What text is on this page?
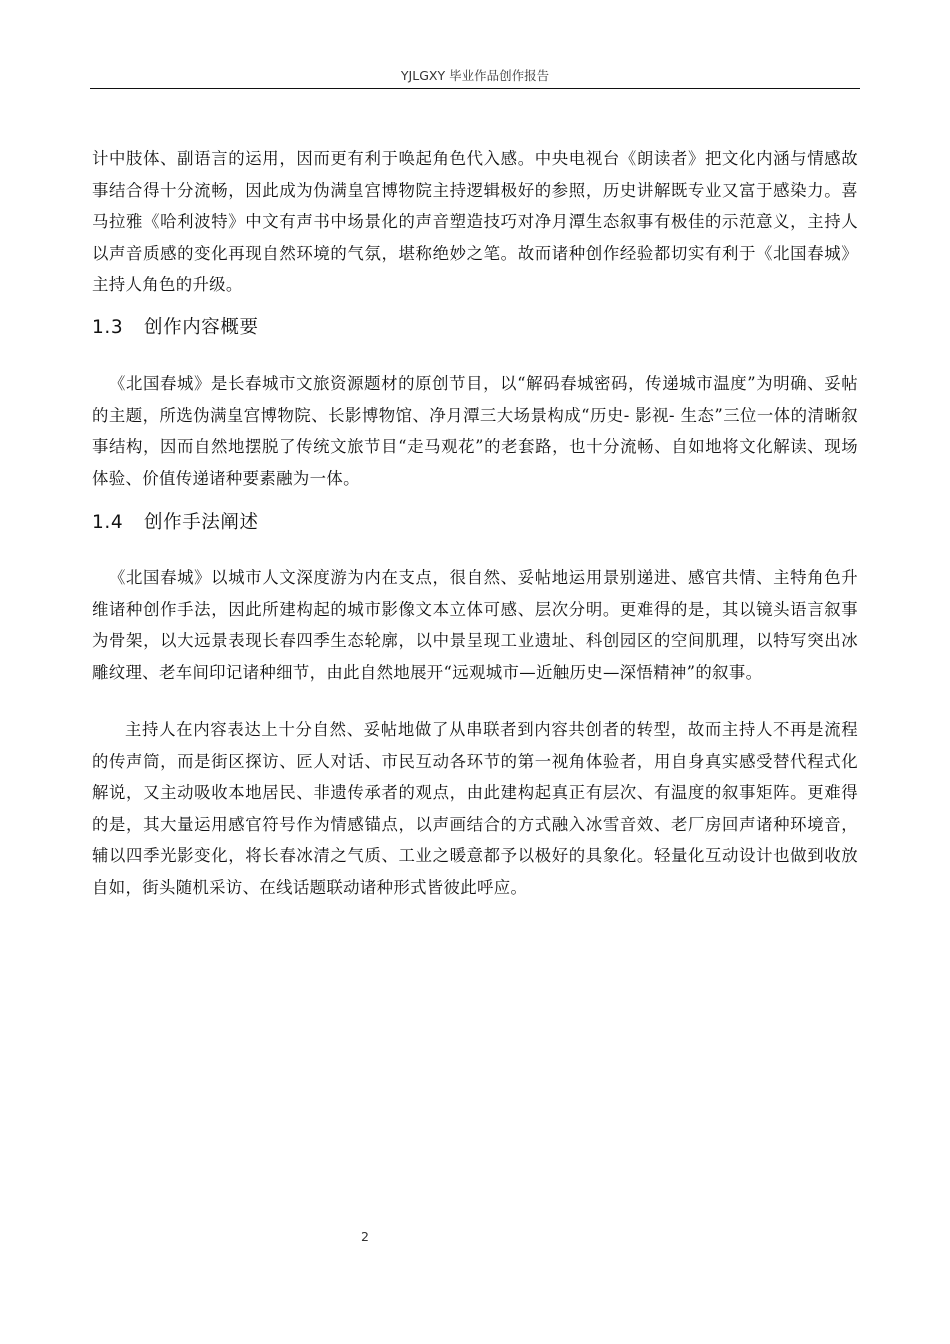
YJLGXY 毕业作品创作报告

计中肢体、副语言的运用，因而更有利于唤起角色代入感。中央电视台《朗读者》把文化内涵与情感故事结合得十分流畅，因此成为伪满皇宫博物院主持逻辑极好的参照，历史讲解既专业又富于感染力。喜马拉雅《哈利波特》中文有声书中场景化的声音塑造技巧对净月潭生态叙事有极佳的示范意义，主持人以声音质感的变化再现自然环境的气氛，堪称绝妙之笔。故而诸种创作经验都切实有利于《北国春城》主持人角色的升级。

1.3 创作内容概要

《北国春城》是长春城市文旅资源题材的原创节目，以“解码春城密码，传递城市温度”为明确、妥帖的主题，所选伪满皇宫博物院、长影博物馆、净月潭三大场景构成“历史- 影视- 生态”三位一体的清晰叙事结构，因而自然地摆脱了传统文旅节目“走马观花”的老套路，也十分流畅、自如地将文化解读、现场体验、价值传递诸种要素融为一体。

1.4 创作手法阐述

《北国春城》以城市人文深度游为内在支点，很自然、妥帖地运用景别递进、感官共情、主特角色升维诸种创作手法，因此所建构起的城市影像文本立体可感、层次分明。更难得的是，其以镜头语言叙事为骨架，以大远景表现长春四季生态轮廓，以中景呈现工业遗址、科创园区的空间肌理，以特写突出冰雕纹理、老车间印记诸种细节，由此自然地展开“远观城市—近触历史—深悟精神”的叙事。

主持人在内容表达上十分自然、妥帖地做了从串联者到内容共创者的转型，故而主持人不再是流程的传声筒，而是街区探访、匠人对话、市民互动各环节的第一视角体验者，用自身真实感受替代程式化解说，又主动吸收本地居民、非遗传承者的观点，由此建构起真正有层次、有温度的叙事矩阵。更难得的是，其大量运用感官符号作为情感锚点，以声画结合的方式融入冰雪音效、老厂房回声诸种环境音，辅以四季光影变化，将长春冰清之气质、工业之暖意都予以极好的具象化。轻量化互动设计也做到收放自如，街头随机采访、在线话题联动诸种形式皆彼此呼应。

2
